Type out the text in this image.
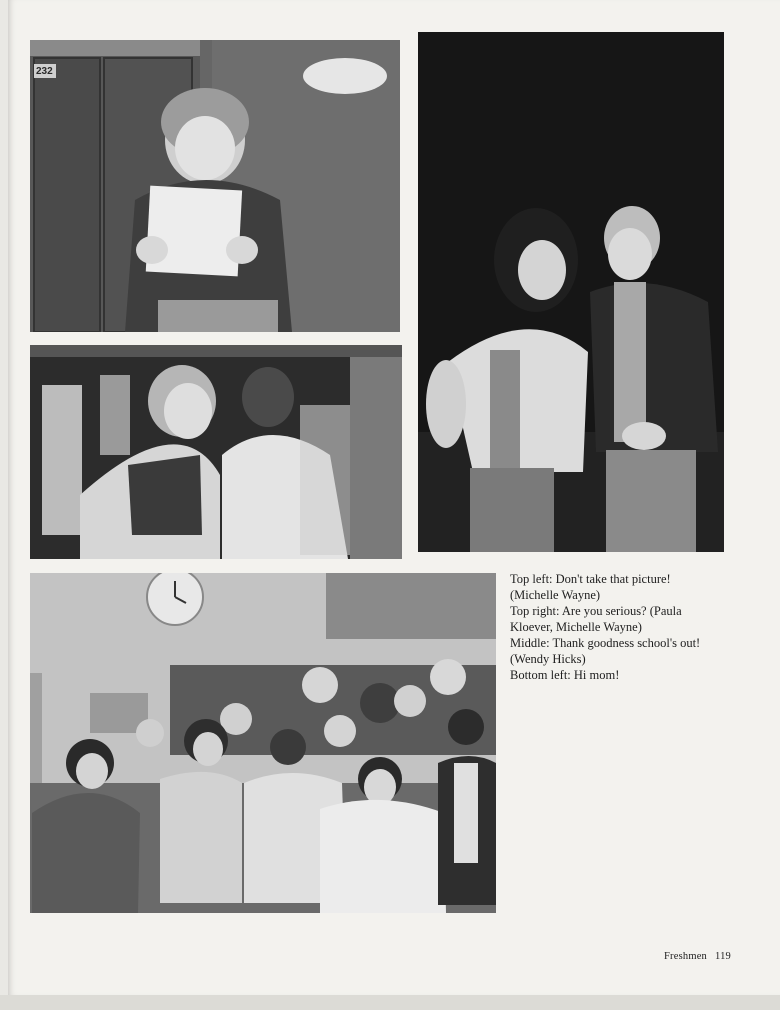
232

Top left: Don't take that picture!

(Michelle Wayne)

Top right: Are you serious? (Paula

Kloever, Michelle Wayne)

Middle: Thank goodness school's out!

(Wendy Hicks)

Bottom left: Hi mom!

Freshmen 119
